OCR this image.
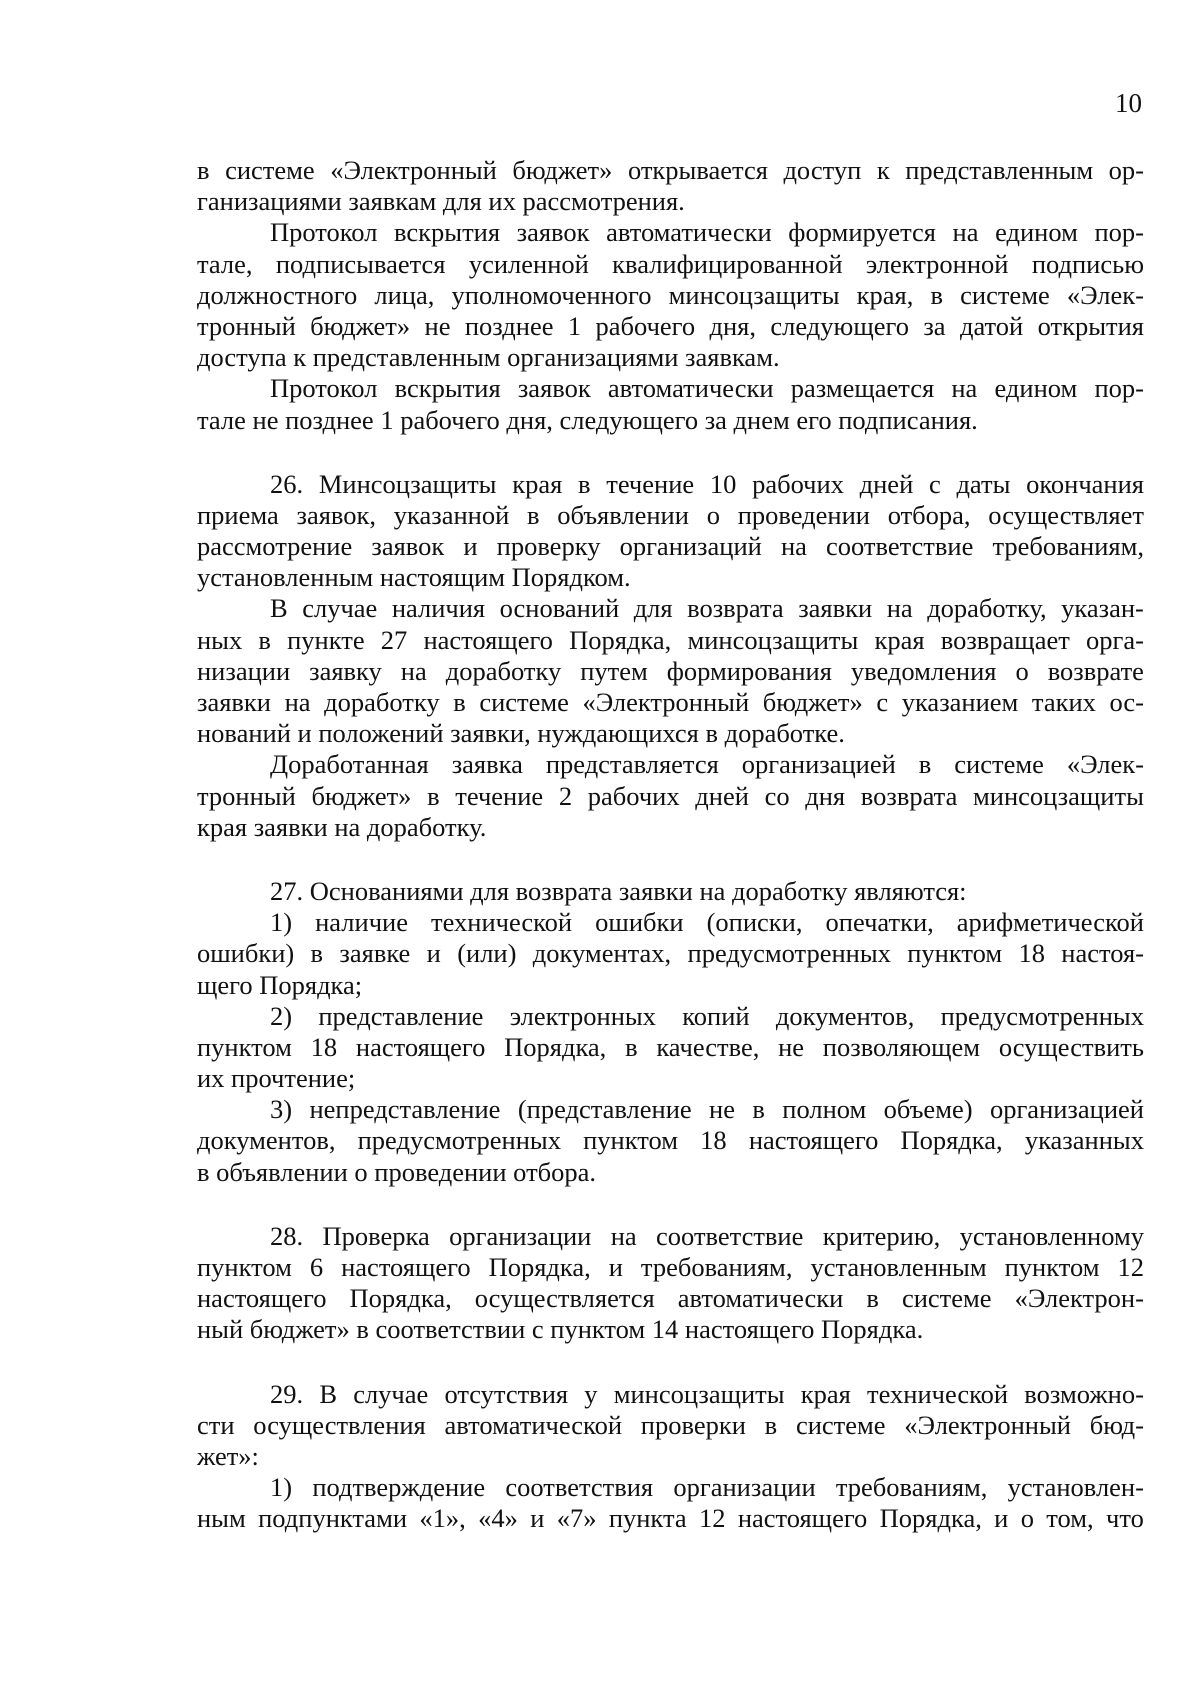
10
в системе «Электронный бюджет» открывается доступ к представленным ор-
ганизациями заявкам для их рассмотрения.
Протокол вскрытия заявок автоматически формируется на едином пор-
тале, подписывается усиленной квалифицированной электронной подписью
должностного лица, уполномоченного минсоцзащиты края, в системе «Элек-
тронный бюджет» не позднее 1 рабочего дня, следующего за датой открытия
доступа к представленным организациями заявкам.
Протокол вскрытия заявок автоматически размещается на едином пор-
тале не позднее 1 рабочего дня, следующего за днем его подписания.
26. Минсоцзащиты края в течение 10 рабочих дней с даты окончания
приема заявок, указанной в объявлении о проведении отбора, осуществляет
рассмотрение заявок и проверку организаций на соответствие требованиям,
установленным настоящим Порядком.
В случае наличия оснований для возврата заявки на доработку, указан-
ных в пункте 27 настоящего Порядка, минсоцзащиты края возвращает орга-
низации заявку на доработку путем формирования уведомления о возврате
заявки на доработку в системе «Электронный бюджет» с указанием таких ос-
нований и положений заявки, нуждающихся в доработке.
Доработанная заявка представляется организацией в системе «Элек-
тронный бюджет» в течение 2 рабочих дней со дня возврата минсоцзащиты
края заявки на доработку.
27. Основаниями для возврата заявки на доработку являются:
1) наличие технической ошибки (описки, опечатки, арифметической
ошибки) в заявке и (или) документах, предусмотренных пунктом 18 настоя-
щего Порядка;
2) представление электронных копий документов, предусмотренных
пунктом 18 настоящего Порядка, в качестве, не позволяющем осуществить
их прочтение;
3) непредставление (представление не в полном объеме) организацией
документов, предусмотренных пунктом 18 настоящего Порядка, указанных
в объявлении о проведении отбора.
28. Проверка организации на соответствие критерию, установленному
пунктом 6 настоящего Порядка, и требованиям, установленным пунктом 12
настоящего Порядка, осуществляется автоматически в системе «Электрон-
ный бюджет» в соответствии с пунктом 14 настоящего Порядка.
29. В случае отсутствия у минсоцзащиты края технической возможно-
сти осуществления автоматической проверки в системе «Электронный бюд-
жет»:
1) подтверждение соответствия организации требованиям, установлен-
ным подпунктами «1», «4» и «7» пункта 12 настоящего Порядка, и о том, что
